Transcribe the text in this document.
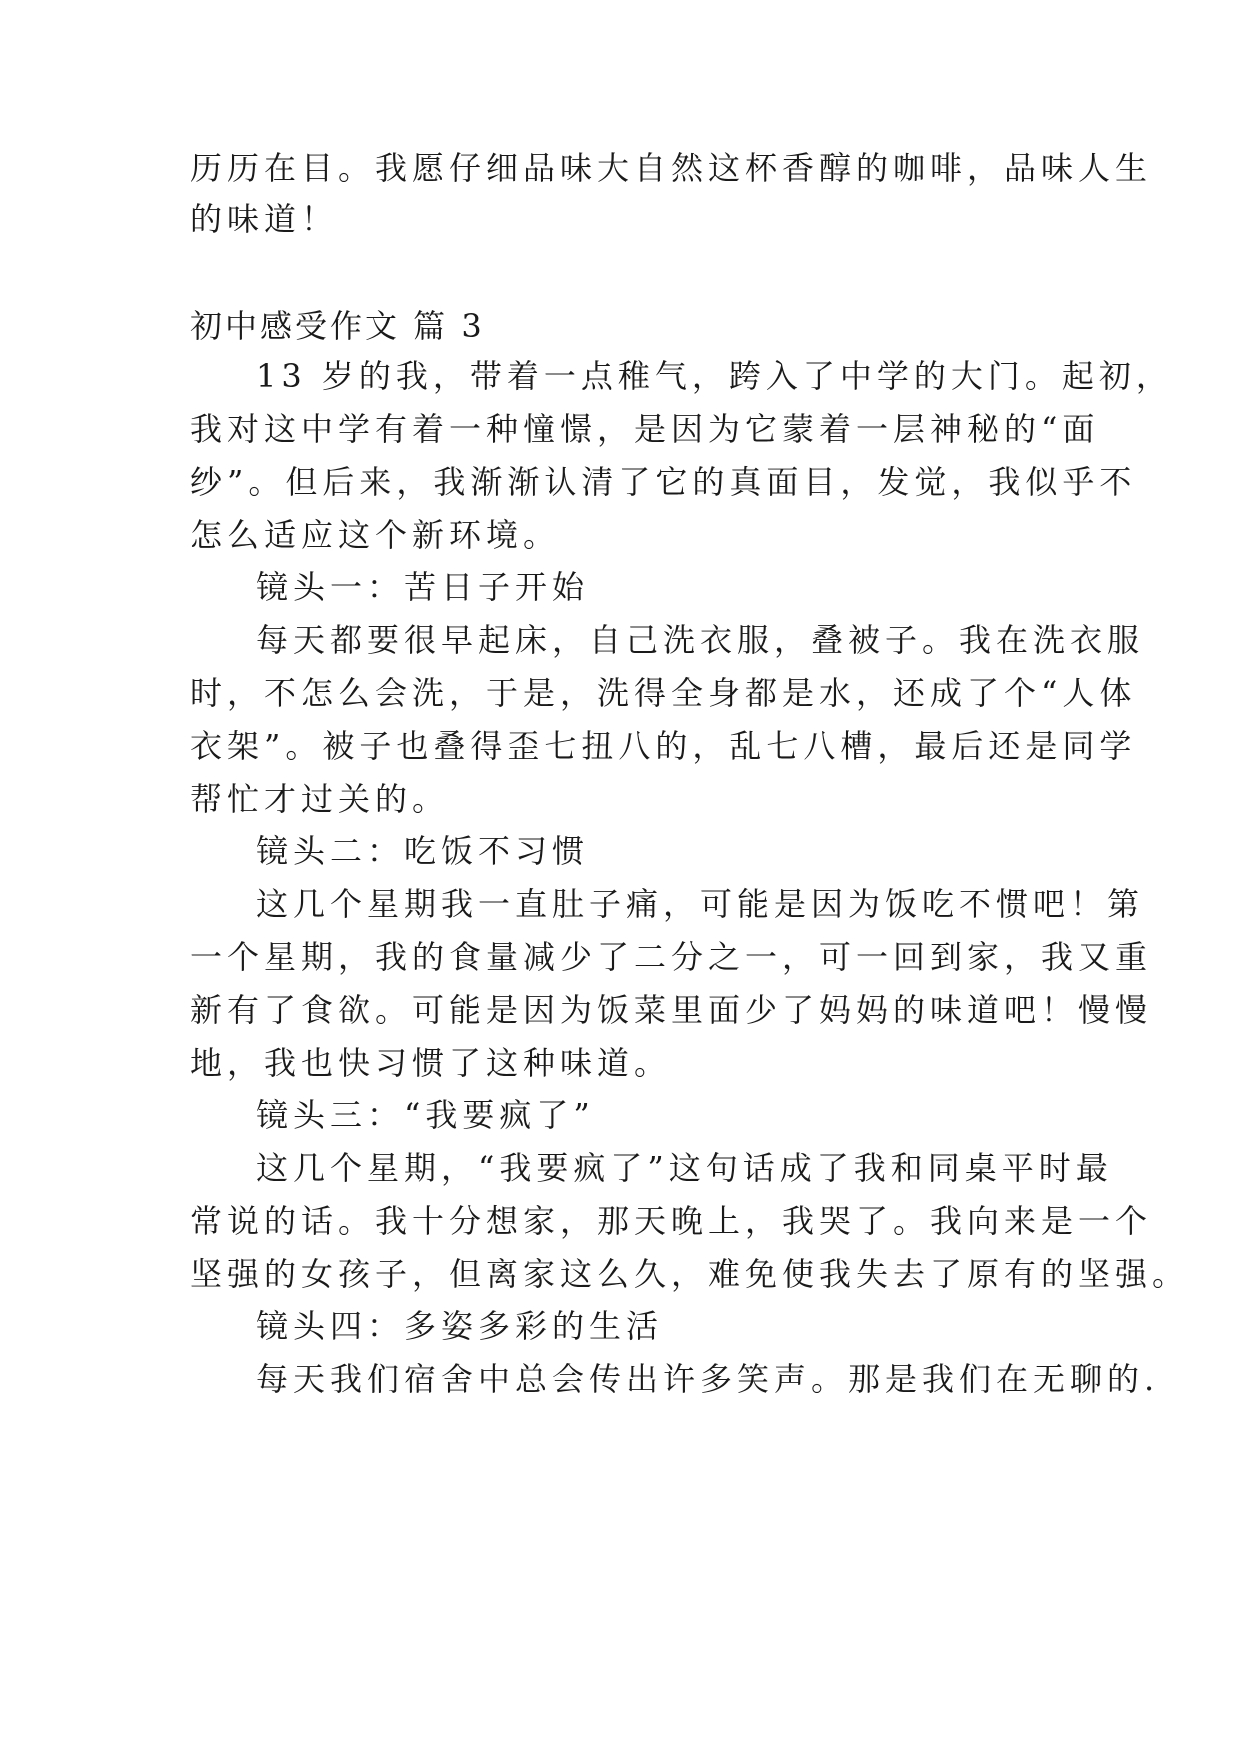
历历在目。我愿仔细品味大自然这杯香醇的咖啡，品味人生
的味道！
初中感受作文 篇 3
13 岁的我，带着一点稚气，跨入了中学的大门。起初，
我对这中学有着一种憧憬，是因为它蒙着一层神秘的“面
纱”。但后来，我渐渐认清了它的真面目，发觉，我似乎不
怎么适应这个新环境。
镜头一：苦日子开始
每天都要很早起床，自己洗衣服，叠被子。我在洗衣服
时，不怎么会洗，于是，洗得全身都是水，还成了个“人体
衣架”。被子也叠得歪七扭八的，乱七八槽，最后还是同学
帮忙才过关的。
镜头二：吃饭不习惯
这几个星期我一直肚子痛，可能是因为饭吃不惯吧！第
一个星期，我的食量减少了二分之一，可一回到家，我又重
新有了食欲。可能是因为饭菜里面少了妈妈的味道吧！慢慢
地，我也快习惯了这种味道。
镜头三：“我要疯了”
这几个星期，“我要疯了”这句话成了我和同桌平时最
常说的话。我十分想家，那天晚上，我哭了。我向来是一个
坚强的女孩子，但离家这么久，难免使我失去了原有的坚强。
镜头四：多姿多彩的生活
每天我们宿舍中总会传出许多笑声。那是我们在无聊的.
